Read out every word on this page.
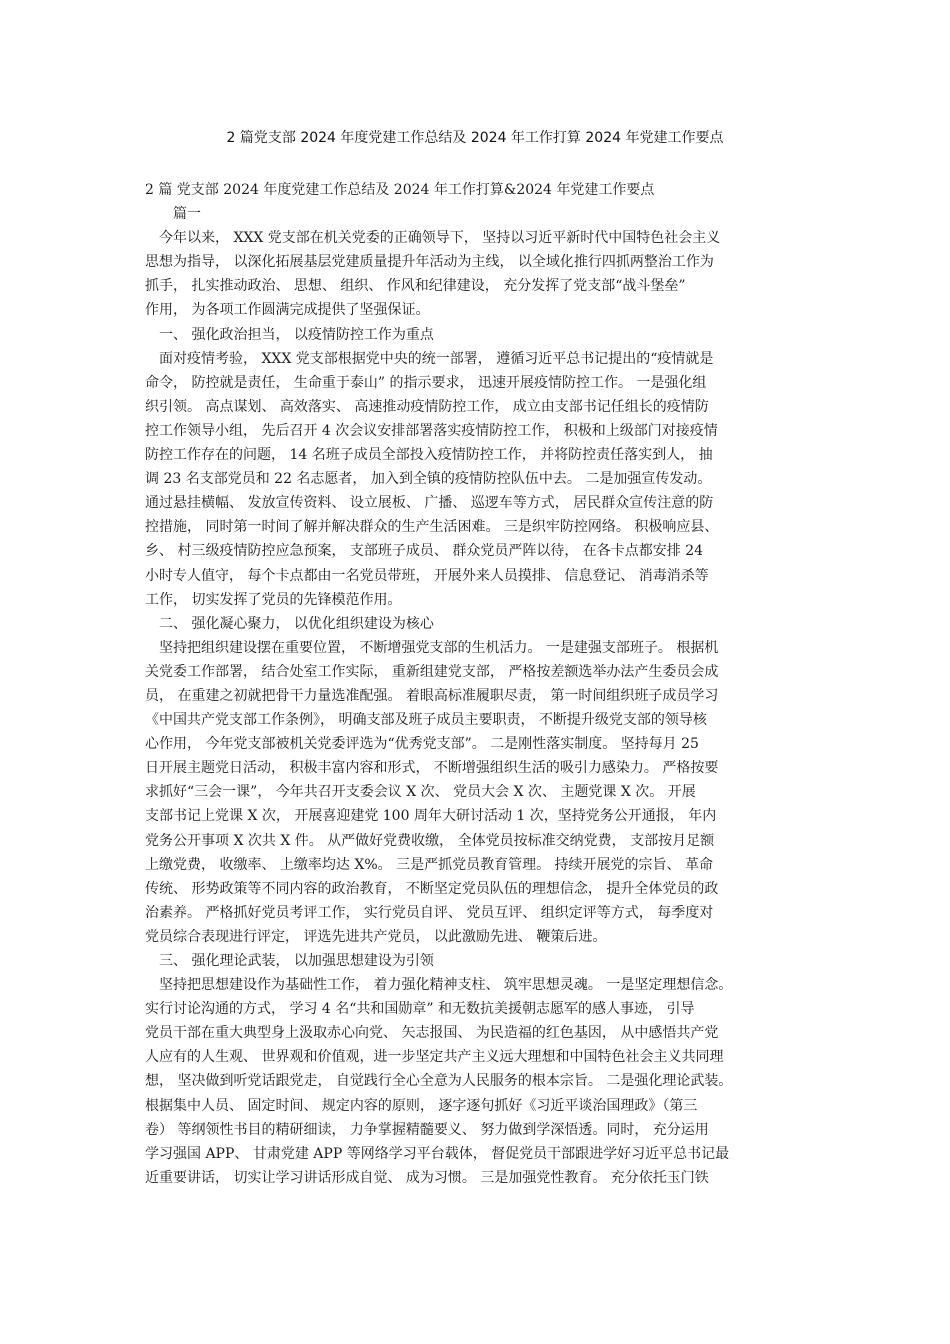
2 篇党支部 2024 年度党建工作总结及 2024 年工作打算 2024 年党建工作要点
2 篇 党支部 2024 年度党建工作总结及 2024 年工作打算&2024 年党建工作要点
篇一
今年以来， XXX 党支部在机关党委的正确领导下， 坚持以习近平新时代中国特色社会主义
思想为指导， 以深化拓展基层党建质量提升年活动为主线， 以全域化推行四抓两整治工作为
抓手， 扎实推动政治、 思想、 组织、 作风和纪律建设， 充分发挥了党支部“战斗堡垒”
作用， 为各项工作圆满完成提供了坚强保证。
一、 强化政治担当， 以疫情防控工作为重点
面对疫情考验， XXX 党支部根据党中央的统一部署， 遵循习近平总书记提出的“疫情就是
命令， 防控就是责任， 生命重于泰山” 的指示要求， 迅速开展疫情防控工作。 一是强化组
织引领。 高点谋划、 高效落实、 高速推动疫情防控工作， 成立由支部书记任组长的疫情防
控工作领导小组， 先后召开 4 次会议安排部署落实疫情防控工作， 积极和上级部门对接疫情
防控工作存在的问题， 14 名班子成员全部投入疫情防控工作， 并将防控责任落实到人， 抽
调 23 名支部党员和 22 名志愿者， 加入到全镇的疫情防控队伍中去。 二是加强宣传发动。
通过悬挂横幅、 发放宣传资料、 设立展板、 广播、 巡逻车等方式， 居民群众宣传注意的防
控措施， 同时第一时间了解并解决群众的生产生活困难。 三是织牢防控网络。 积极响应县、
乡、 村三级疫情防控应急预案， 支部班子成员、 群众党员严阵以待， 在各卡点都安排 24
小时专人值守， 每个卡点都由一名党员带班， 开展外来人员摸排、 信息登记、 消毒消杀等
工作， 切实发挥了党员的先锋模范作用。
二、 强化凝心聚力， 以优化组织建设为核心
坚持把组织建设摆在重要位置， 不断增强党支部的生机活力。 一是建强支部班子。 根据机
关党委工作部署， 结合处室工作实际， 重新组建党支部， 严格按差额选举办法产生委员会成
员， 在重建之初就把骨干力量选准配强。 着眼高标准履职尽责， 第一时间组织班子成员学习
《中国共产党支部工作条例》， 明确支部及班子成员主要职责， 不断提升级党支部的领导核
心作用， 今年党支部被机关党委评选为“优秀党支部”。 二是刚性落实制度。 坚持每月 25
日开展主题党日活动， 积极丰富内容和形式， 不断增强组织生活的吸引力感染力。 严格按要
求抓好“三会一课”， 今年共召开支委会议 X 次、 党员大会 X 次、 主题党课 X 次。 开展
支部书记上党课 X 次， 开展喜迎建党 100 周年大研讨活动 1 次，坚持党务公开通报， 年内
党务公开事项 X 次共 X 件。 从严做好党费收缴， 全体党员按标准交纳党费， 支部按月足额
上缴党费， 收缴率、 上缴率均达 X%。 三是严抓党员教育管理。 持续开展党的宗旨、 革命
传统、 形势政策等不同内容的政治教育， 不断坚定党员队伍的理想信念， 提升全体党员的政
治素养。 严格抓好党员考评工作， 实行党员自评、 党员互评、 组织定评等方式， 每季度对
党员综合表现进行评定， 评选先进共产党员， 以此激励先进、 鞭策后进。
三、 强化理论武装， 以加强思想建设为引领
坚持把思想建设作为基础性工作， 着力强化精神支柱、 筑牢思想灵魂。 一是坚定理想信念。
实行讨论沟通的方式， 学习 4 名“共和国勋章” 和无数抗美援朝志愿军的感人事迹， 引导
党员干部在重大典型身上汲取赤心向党、 矢志报国、 为民造福的红色基因， 从中感悟共产党
人应有的人生观、 世界观和价值观，进一步坚定共产主义远大理想和中国特色社会主义共同理
想， 坚决做到听党话跟党走， 自觉践行全心全意为人民服务的根本宗旨。 二是强化理论武装。
根据集中人员、 固定时间、 规定内容的原则， 逐字逐句抓好《习近平谈治国理政》（第三
卷） 等纲领性书目的精研细读， 力争掌握精髓要义、 努力做到学深悟透。同时， 充分运用
学习强国 APP、 甘肃党建 APP 等网络学习平台载体， 督促党员干部跟进学好习近平总书记最
近重要讲话， 切实让学习讲话形成自觉、 成为习惯。 三是加强党性教育。 充分依托玉门铁
